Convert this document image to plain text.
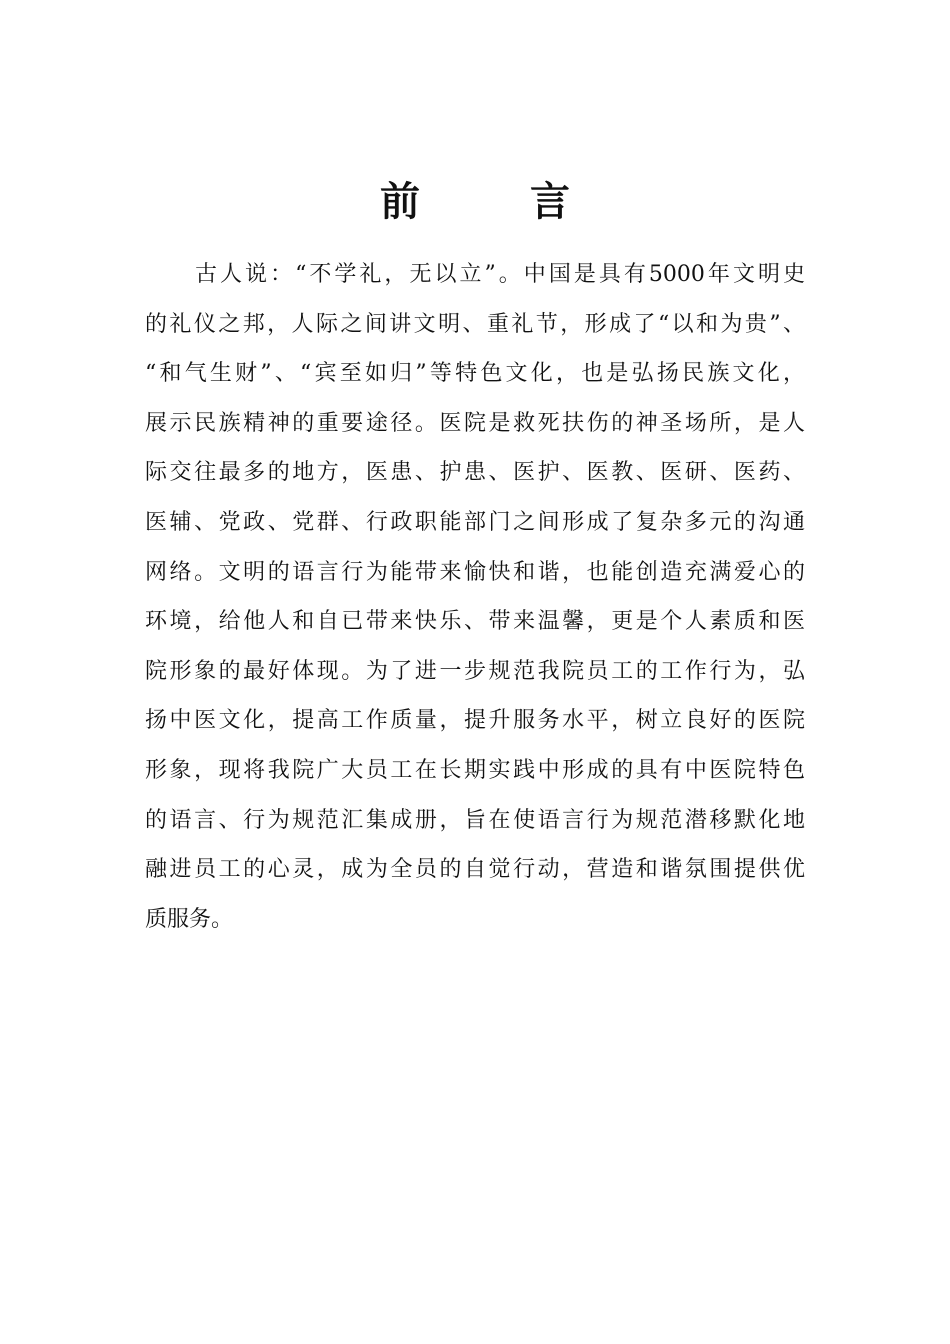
前 言
古人说：“不学礼，无以立”。中国是具有5000年文明史
的礼仪之邦，人际之间讲文明、重礼节，形成了“以和为贵”、
“和气生财”、“宾至如归”等特色文化，也是弘扬民族文化，
展示民族精神的重要途径。医院是救死扶伤的神圣场所，是人
际交往最多的地方，医患、护患、医护、医教、医研、医药、
医辅、党政、党群、行政职能部门之间形成了复杂多元的沟通
网络。文明的语言行为能带来愉快和谐，也能创造充满爱心的
环境，给他人和自已带来快乐、带来温馨，更是个人素质和医
院形象的最好体现。为了进一步规范我院员工的工作行为，弘
扬中医文化，提高工作质量，提升服务水平，树立良好的医院
形象，现将我院广大员工在长期实践中形成的具有中医院特色
的语言、行为规范汇集成册，旨在使语言行为规范潜移默化地
融进员工的心灵，成为全员的自觉行动，营造和谐氛围提供优
质服务。
